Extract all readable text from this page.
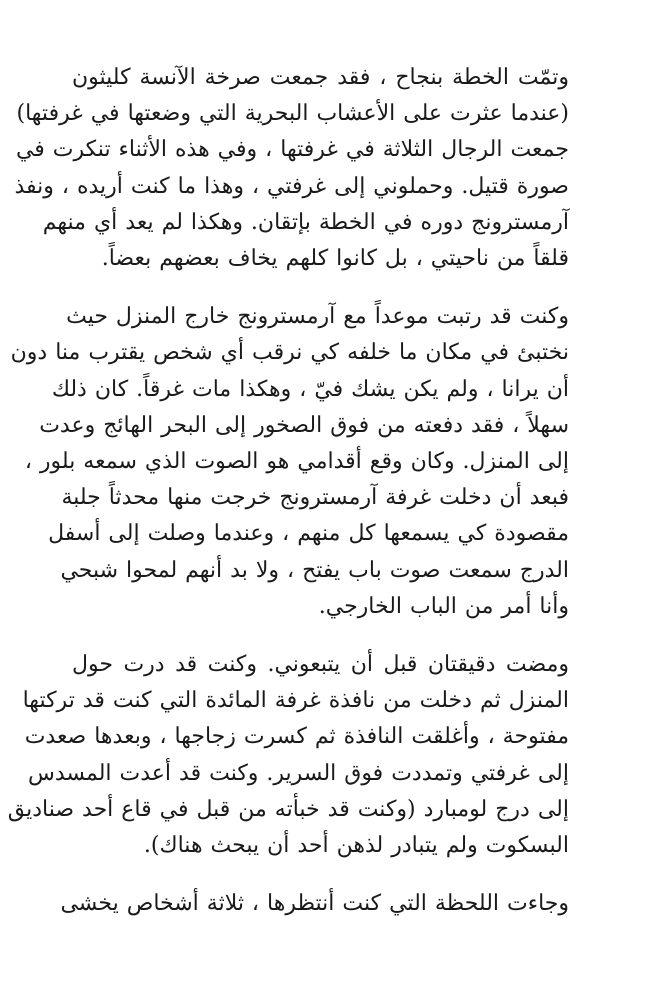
وتمّت الخطة بنجاح ، فقد جمعت صرخة الآنسة كليثون
(عندما عثرت على الأعشاب البحرية التي وضعتها في غرفتها)
جمعت الرجال الثلاثة في غرفتها ، وفي هذه الأثناء تنكرت في
صورة قتيل. وحملوني إلى غرفتي ، وهذا ما كنت أريده ، ونفذ
آرمسترونج دوره في الخطة بإتقان. وهكذا لم يعد أي منهم
قلقاً من ناحيتي ، بل كانوا كلهم يخاف بعضهم بعضاً.

وكنت قد رتبت موعداً مع آرمسترونج خارج المنزل حيث
نختبئ في مكان ما خلفه كي نرقب أي شخص يقترب منا دون
أن يرانا ، ولم يكن يشك فيّ ، وهكذا مات غرقاً. كان ذلك
سهلاً ، فقد دفعته من فوق الصخور إلى البحر الهائج وعدت
إلى المنزل. وكان وقع أقدامي هو الصوت الذي سمعه بلور ،
فبعد أن دخلت غرفة آرمسترونج خرجت منها محدثاً جلبة
مقصودة كي يسمعها كل منهم ، وعندما وصلت إلى أسفل
الدرج سمعت صوت باب يفتح ، ولا بد أنهم لمحوا شبحي
وأنا أمر من الباب الخارجي.

ومضت دقيقتان قبل أن يتبعوني. وكنت قد درت حول
المنزل ثم دخلت من نافذة غرفة المائدة التي كنت قد تركتها
مفتوحة ، وأغلقت النافذة ثم كسرت زجاجها ، وبعدها صعدت
إلى غرفتي وتمددت فوق السرير. وكنت قد أعدت المسدس
إلى درج لومبارد (وكنت قد خبأته من قبل في قاع أحد صناديق
البسكوت ولم يتبادر لذهن أحد أن يبحث هناك).

وجاءت اللحظة التي كنت أنتظرها ، ثلاثة أشخاص يخشى
